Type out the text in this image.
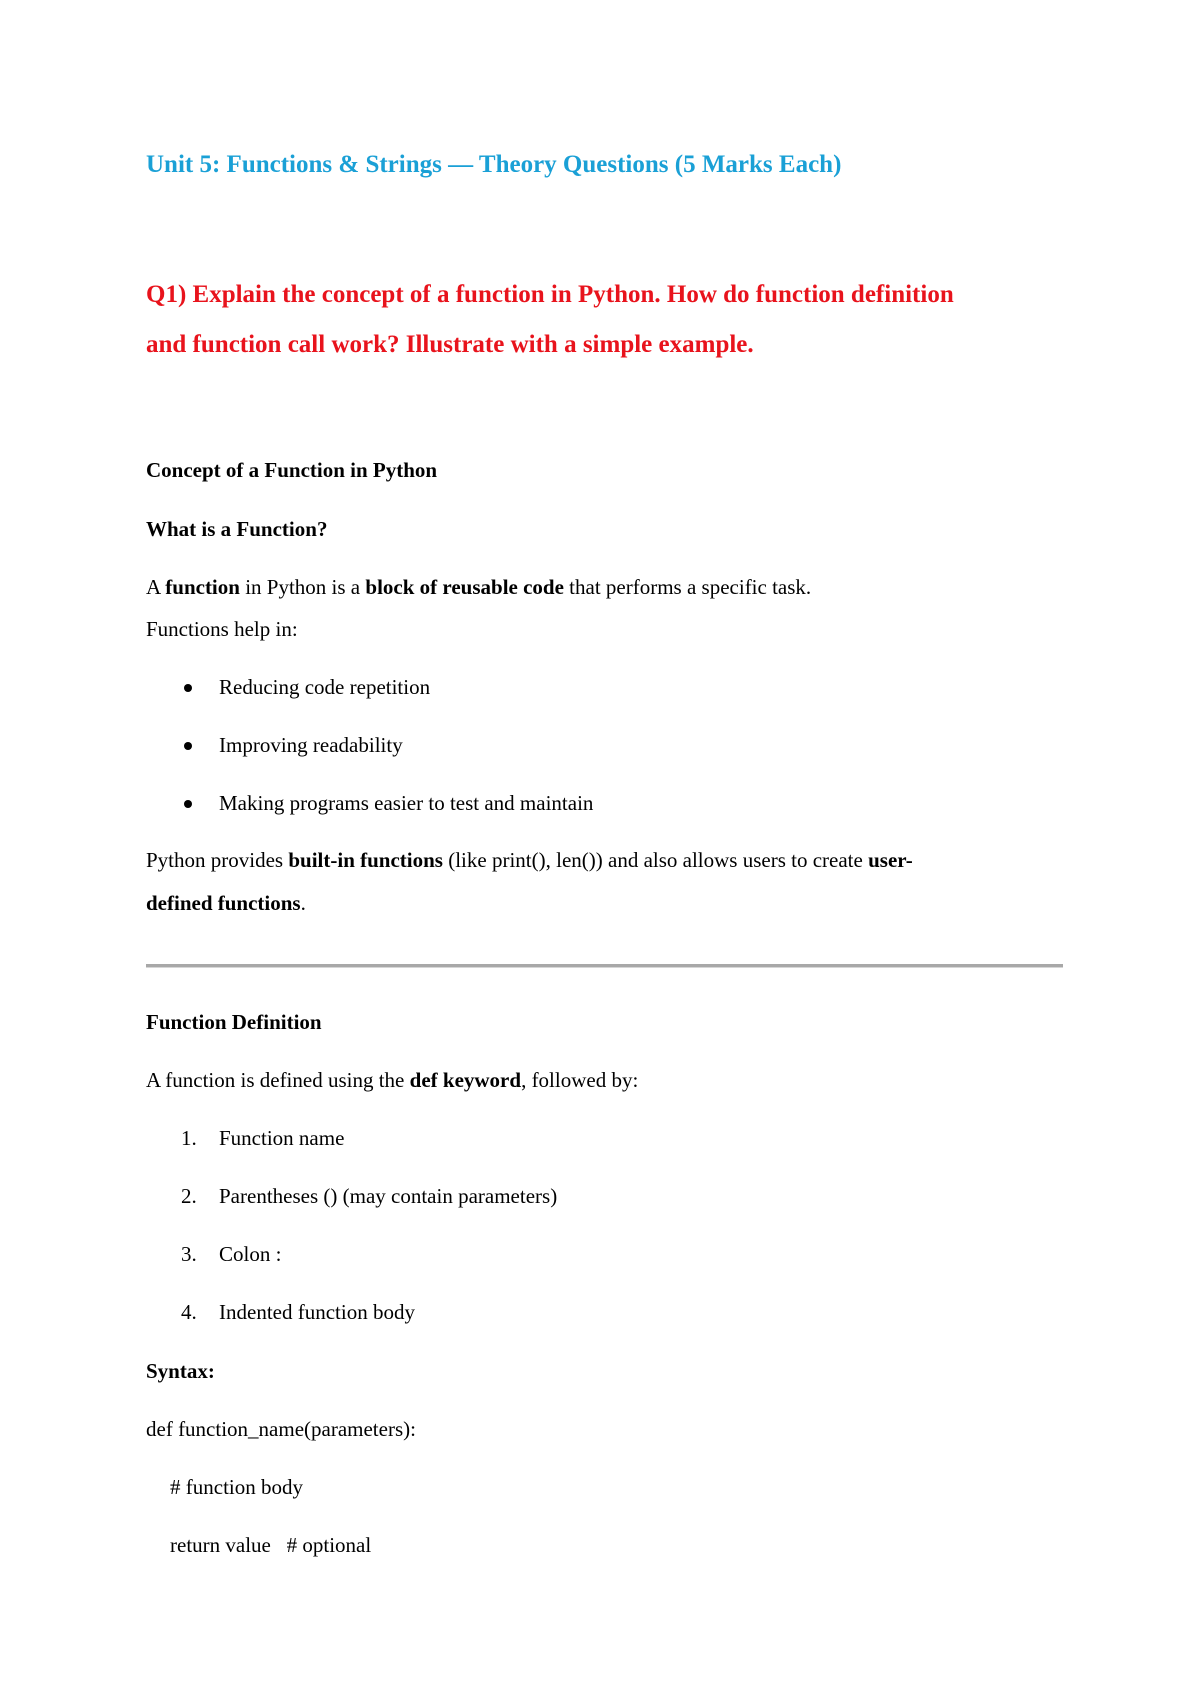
Unit 5: Functions & Strings — Theory Questions (5 Marks Each)
Q1) Explain the concept of a function in Python. How do function definition
and function call work? Illustrate with a simple example.
Concept of a Function in Python
What is a Function?
A function in Python is a block of reusable code that performs a specific task.
Functions help in:
Reducing code repetition
Improving readability
Making programs easier to test and maintain
Python provides built-in functions (like print(), len()) and also allows users to create user-
defined functions.
Function Definition
A function is defined using the def keyword, followed by:
1. Function name
2. Parentheses () (may contain parameters)
3. Colon :
4. Indented function body
Syntax:
def function_name(parameters):
# function body
return value   # optional
